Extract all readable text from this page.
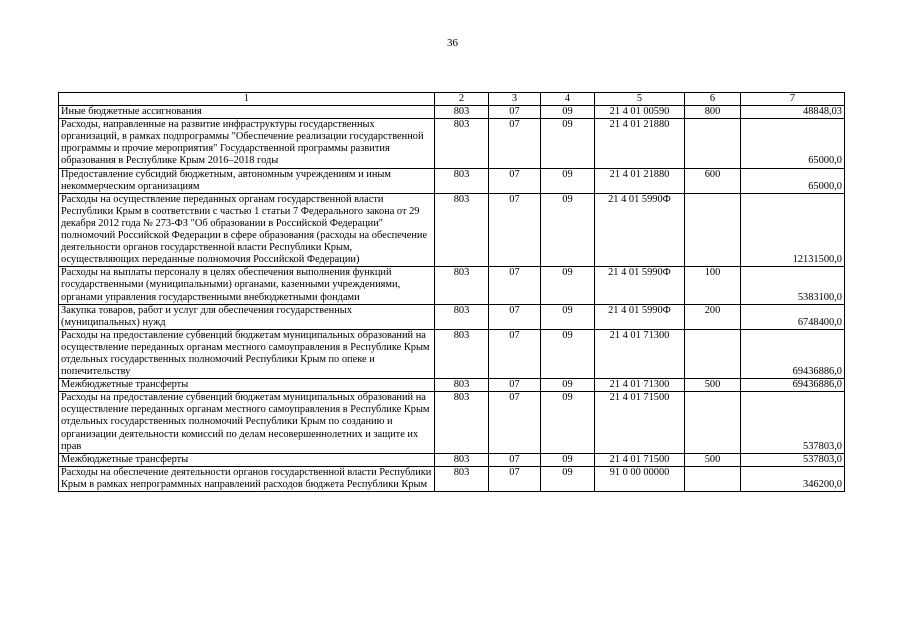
36
1	2	3	4	5	6	7
Иные бюджетные ассигнования	803	07	09	21 4 01 00590	800	48848,03
Расходы, направленные на развитие инфраструктуры государственных организаций, в рамках подпрограммы "Обеспечение реализации государственной программы и прочие мероприятия" Государственной программы развития образования в Республике Крым 2016–2018 годы	803	07	09	21 4 01 21880		65000,0
Предоставление субсидий бюджетным, автономным учреждениям и иным некоммерческим организациям	803	07	09	21 4 01 21880	600	65000,0
Расходы на осуществление переданных органам государственной власти Республики Крым в соответствии с частью 1 статьи 7 Федерального закона от 29 декабря 2012 года № 273-ФЗ "Об образовании в Российской Федерации" полномочий Российской Федерации в сфере образования (расходы на обеспечение деятельности органов государственной власти Республики Крым, осуществляющих переданные полномочия Российской Федерации)	803	07	09	21 4 01 5990Ф		12131500,0
Расходы на выплаты персоналу в целях обеспечения выполнения функций государственными (муниципальными) органами, казенными учреждениями, органами управления государственными внебюджетными фондами	803	07	09	21 4 01 5990Ф	100	5383100,0
Закупка товаров, работ и услуг для обеспечения государственных (муниципальных) нужд	803	07	09	21 4 01 5990Ф	200	6748400,0
Расходы на предоставление субвенций бюджетам муниципальных образований на осуществление переданных органам местного самоуправления в Республике Крым отдельных государственных полномочий Республики Крым по опеке и попечительству	803	07	09	21 4 01 71300		69436886,0
Межбюджетные трансферты	803	07	09	21 4 01 71300	500	69436886,0
Расходы на предоставление субвенций бюджетам муниципальных образований на осуществление переданных органам местного самоуправления в Республике Крым отдельных государственных полномочий Республики Крым по созданию и организации деятельности комиссий по делам несовершеннолетних и защите их прав	803	07	09	21 4 01 71500		537803,0
Межбюджетные трансферты	803	07	09	21 4 01 71500	500	537803,0
Расходы на обеспечение деятельности органов государственной власти Республики Крым в рамках непрограммных направлений расходов бюджета Республики Крым	803	07	09	91 0 00 00000		346200,0
